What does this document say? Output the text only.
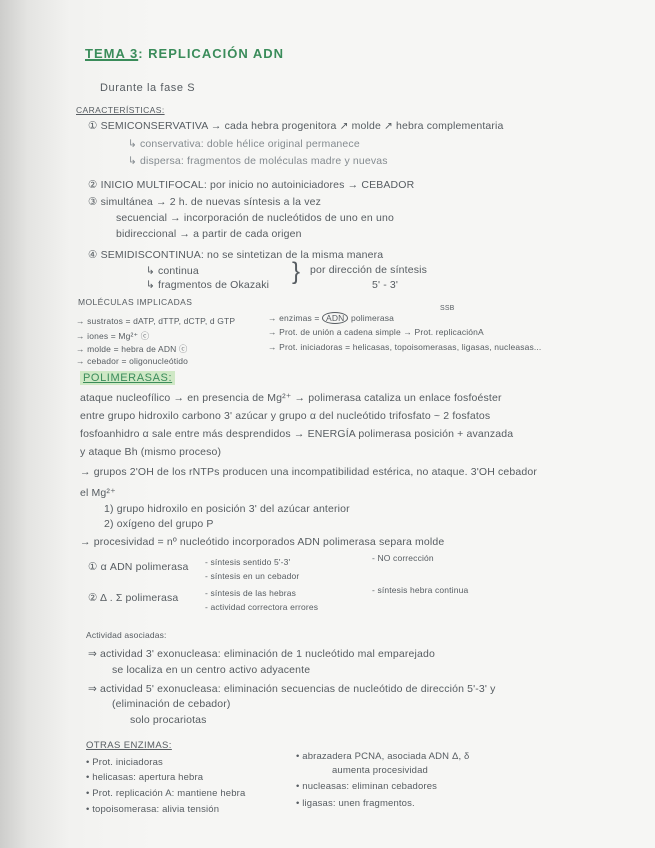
TEMA 3: REPLICACIÓN ADN
Durante la fase S
CARACTERÍSTICAS:
① SEMICONSERVATIVA → cada hebra progenitora ↗ molde ↗ hebra complementaria
↳ conservativa: doble hélice original permanece
↳ dispersa: fragmentos de moléculas madre y nuevas
② INICIO MULTIFOCAL: por inicio no autoiniciadores → CEBADOR
③ simultánea → 2 h. de nuevas síntesis a la vez
secuencial → incorporación de nucleótidos de uno en uno
bidireccional → a partir de cada origen
④ SEMIDISCONTINUA: no se sintetizan de la misma manera
↳ continua
↳ fragmentos de Okazaki } por dirección de síntesis
5' - 3'
MOLÉCULAS IMPLICADAS
→ sustratos = dATP, dTTP, dCTP, d GTP
→ iones = Mg²⁺ ⓒ
→ molde = hebra de ADN ⓒ
→ cebador = oligonucleótido
→ enzimas = ADN polimerasa
SSB
→ Prot. de unión a cadena simple → Prot. replicaciónA
→ Prot. iniciadoras = helicasas, topoisomerasas, ligasas, nucleasas...
POLIMERASAS:
ataque nucleofílico → en presencia de Mg²⁺ → polimerasa cataliza un enlace fosfoéster
entre grupo hidroxilo carbono 3' azúcar y grupo α del nucleótido trifosfato ~ 2 fosfatos
fosfoanhidro α sale entre más desprendidos → ENERGÍA polimerasa posición + avanzada
y ataque Bh (mismo proceso)
→ grupos 2'OH de los rNTPs producen una incompatibilidad estérica, no ataque. 3'OH cebador
el Mg²⁺
1) grupo hidroxilo en posición 3' del azúcar anterior
2) oxígeno del grupo P
→ procesividad = nº nucleótido incorporados ADN polimerasa separa molde
① α ADN polimerasa - síntesis sentido 5'-3'
- síntesis en un cebador
- NO corrección
② Δ . Σ polimerasa	- síntesis de las hebras
- actividad correctora errores
- síntesis hebra continua
Actividad asociadas:
⇒ actividad 3' exonucleasa: eliminación de 1 nucleótido mal emparejado
se localiza en un centro activo adyacente
⇒ actividad 5' exonucleasa: eliminación secuencias de nucleótido de dirección 5'-3' y
(eliminación de cebador)
solo procariotas
OTRAS ENZIMAS:
• Prot. iniciadoras
• helicasas: apertura hebra
• Prot. replicación A: mantiene hebra
• topoisomerasa: alivia tensión
• abrazadera PCNA, asociada ADN Δ, δ
aumenta procesividad
• nucleasas: eliminan cebadores
• ligasas: unen fragmentos.
